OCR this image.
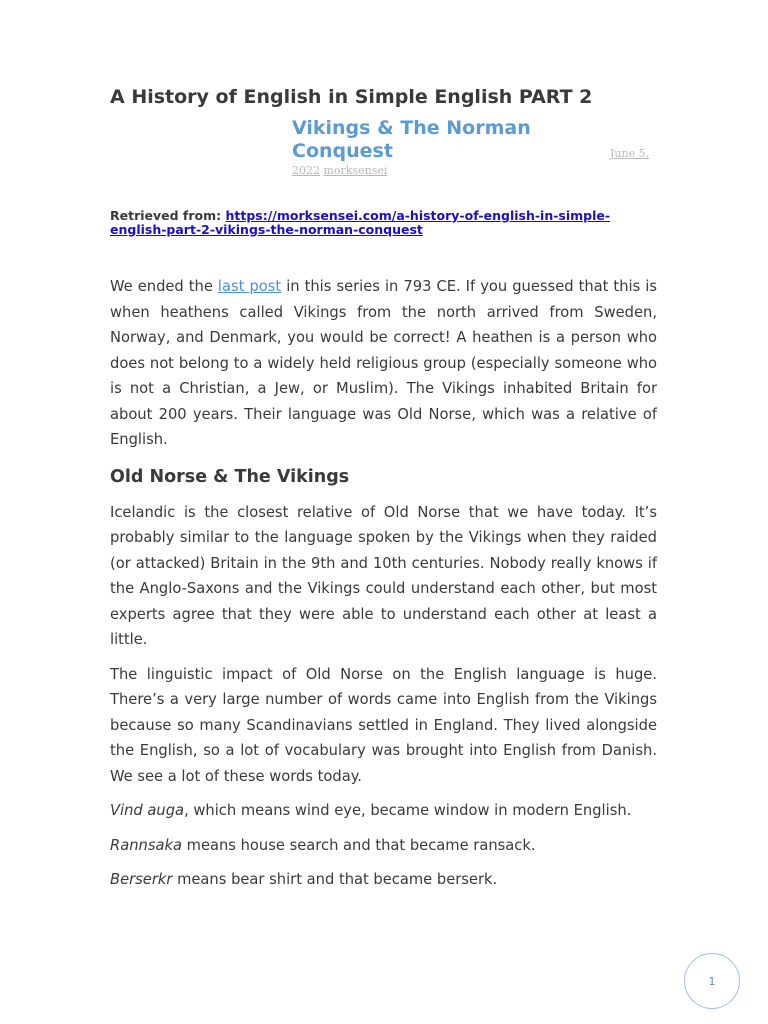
A History of English in Simple English PART 2
Vikings & The Norman Conquest	June 5,
2022 morksensei
Retrieved from: https://morksensei.com/a-history-of-english-in-simple-english-part-2-vikings-the-norman-conquest

We ended the last post in this series in 793 CE. If you guessed that this is when heathens called Vikings from the north arrived from Sweden, Norway, and Denmark, you would be correct! A heathen is a person who does not belong to a widely held religious group (especially someone who is not a Christian, a Jew, or Muslim). The Vikings inhabited Britain for about 200 years. Their language was Old Norse, which was a relative of English.

Old Norse & The Vikings

Icelandic is the closest relative of Old Norse that we have today. It’s probably similar to the language spoken by the Vikings when they raided (or attacked) Britain in the 9th and 10th centuries. Nobody really knows if the Anglo-Saxons and the Vikings could understand each other, but most experts agree that they were able to understand each other at least a little.

The linguistic impact of Old Norse on the English language is huge. There’s a very large number of words came into English from the Vikings because so many Scandinavians settled in England. They lived alongside the English, so a lot of vocabulary was brought into English from Danish. We see a lot of these words today.

Vind auga, which means wind eye, became window in modern English.

Rannsaka means house search and that became ransack.

Berserkr means bear shirt and that became berserk.

1
